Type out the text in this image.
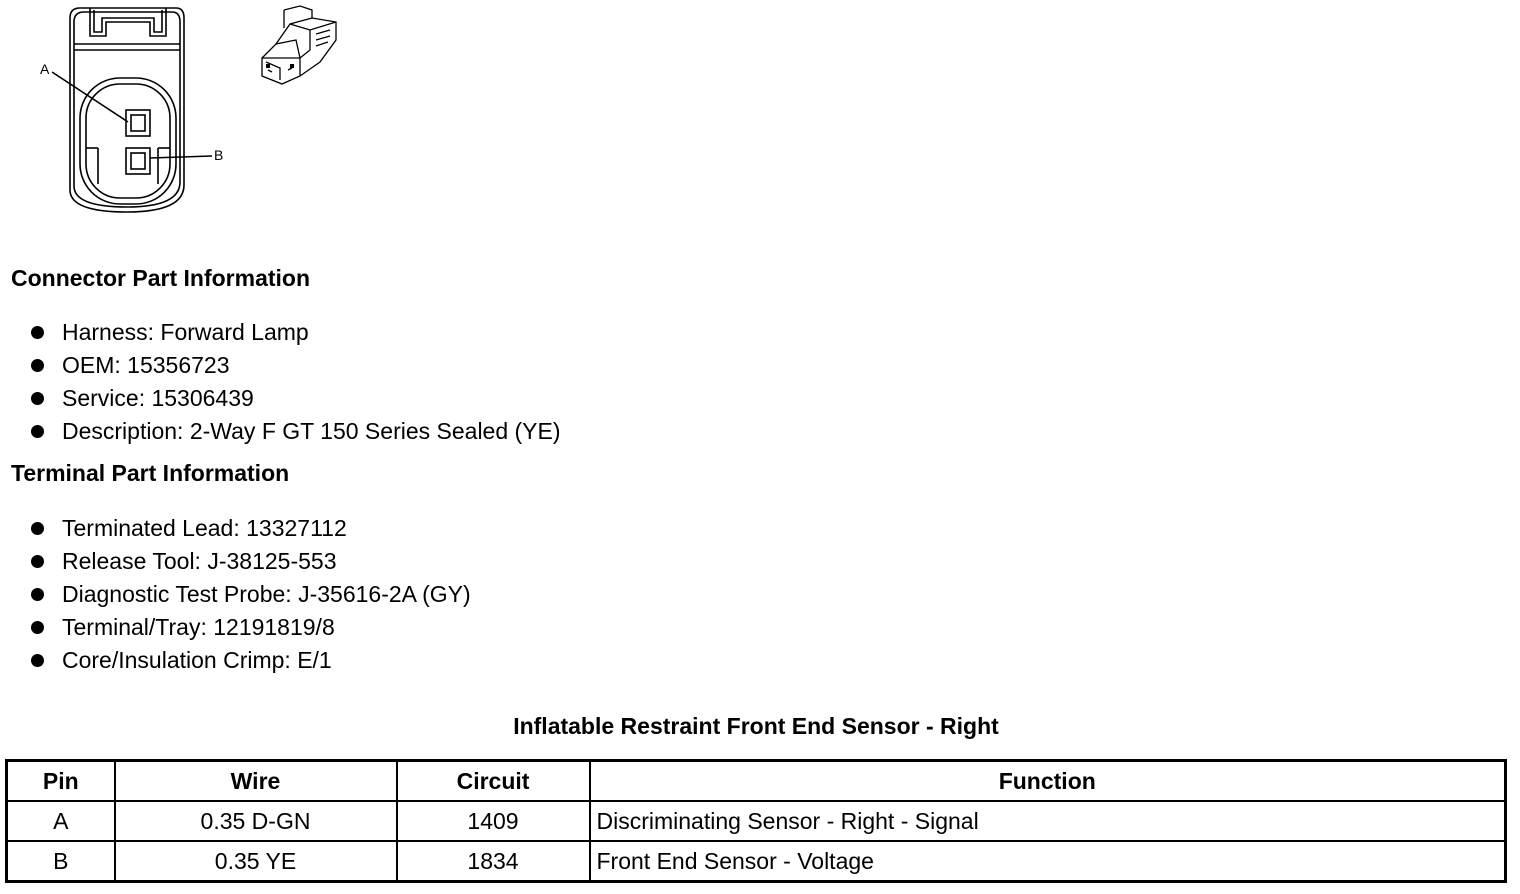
A
B
Connector Part Information
Harness: Forward Lamp
OEM: 15356723
Service: 15306439
Description: 2-Way F GT 150 Series Sealed (YE)
Terminal Part Information
Terminated Lead: 13327112
Release Tool: J-38125-553
Diagnostic Test Probe: J-35616-2A (GY)
Terminal/Tray: 12191819/8
Core/Insulation Crimp: E/1
Inflatable Restraint Front End Sensor - Right
Pin	Wire	Circuit	Function
A	0.35 D-GN	1409	Discriminating Sensor - Right - Signal
B	0.35 YE	1834	Front End Sensor - Voltage
